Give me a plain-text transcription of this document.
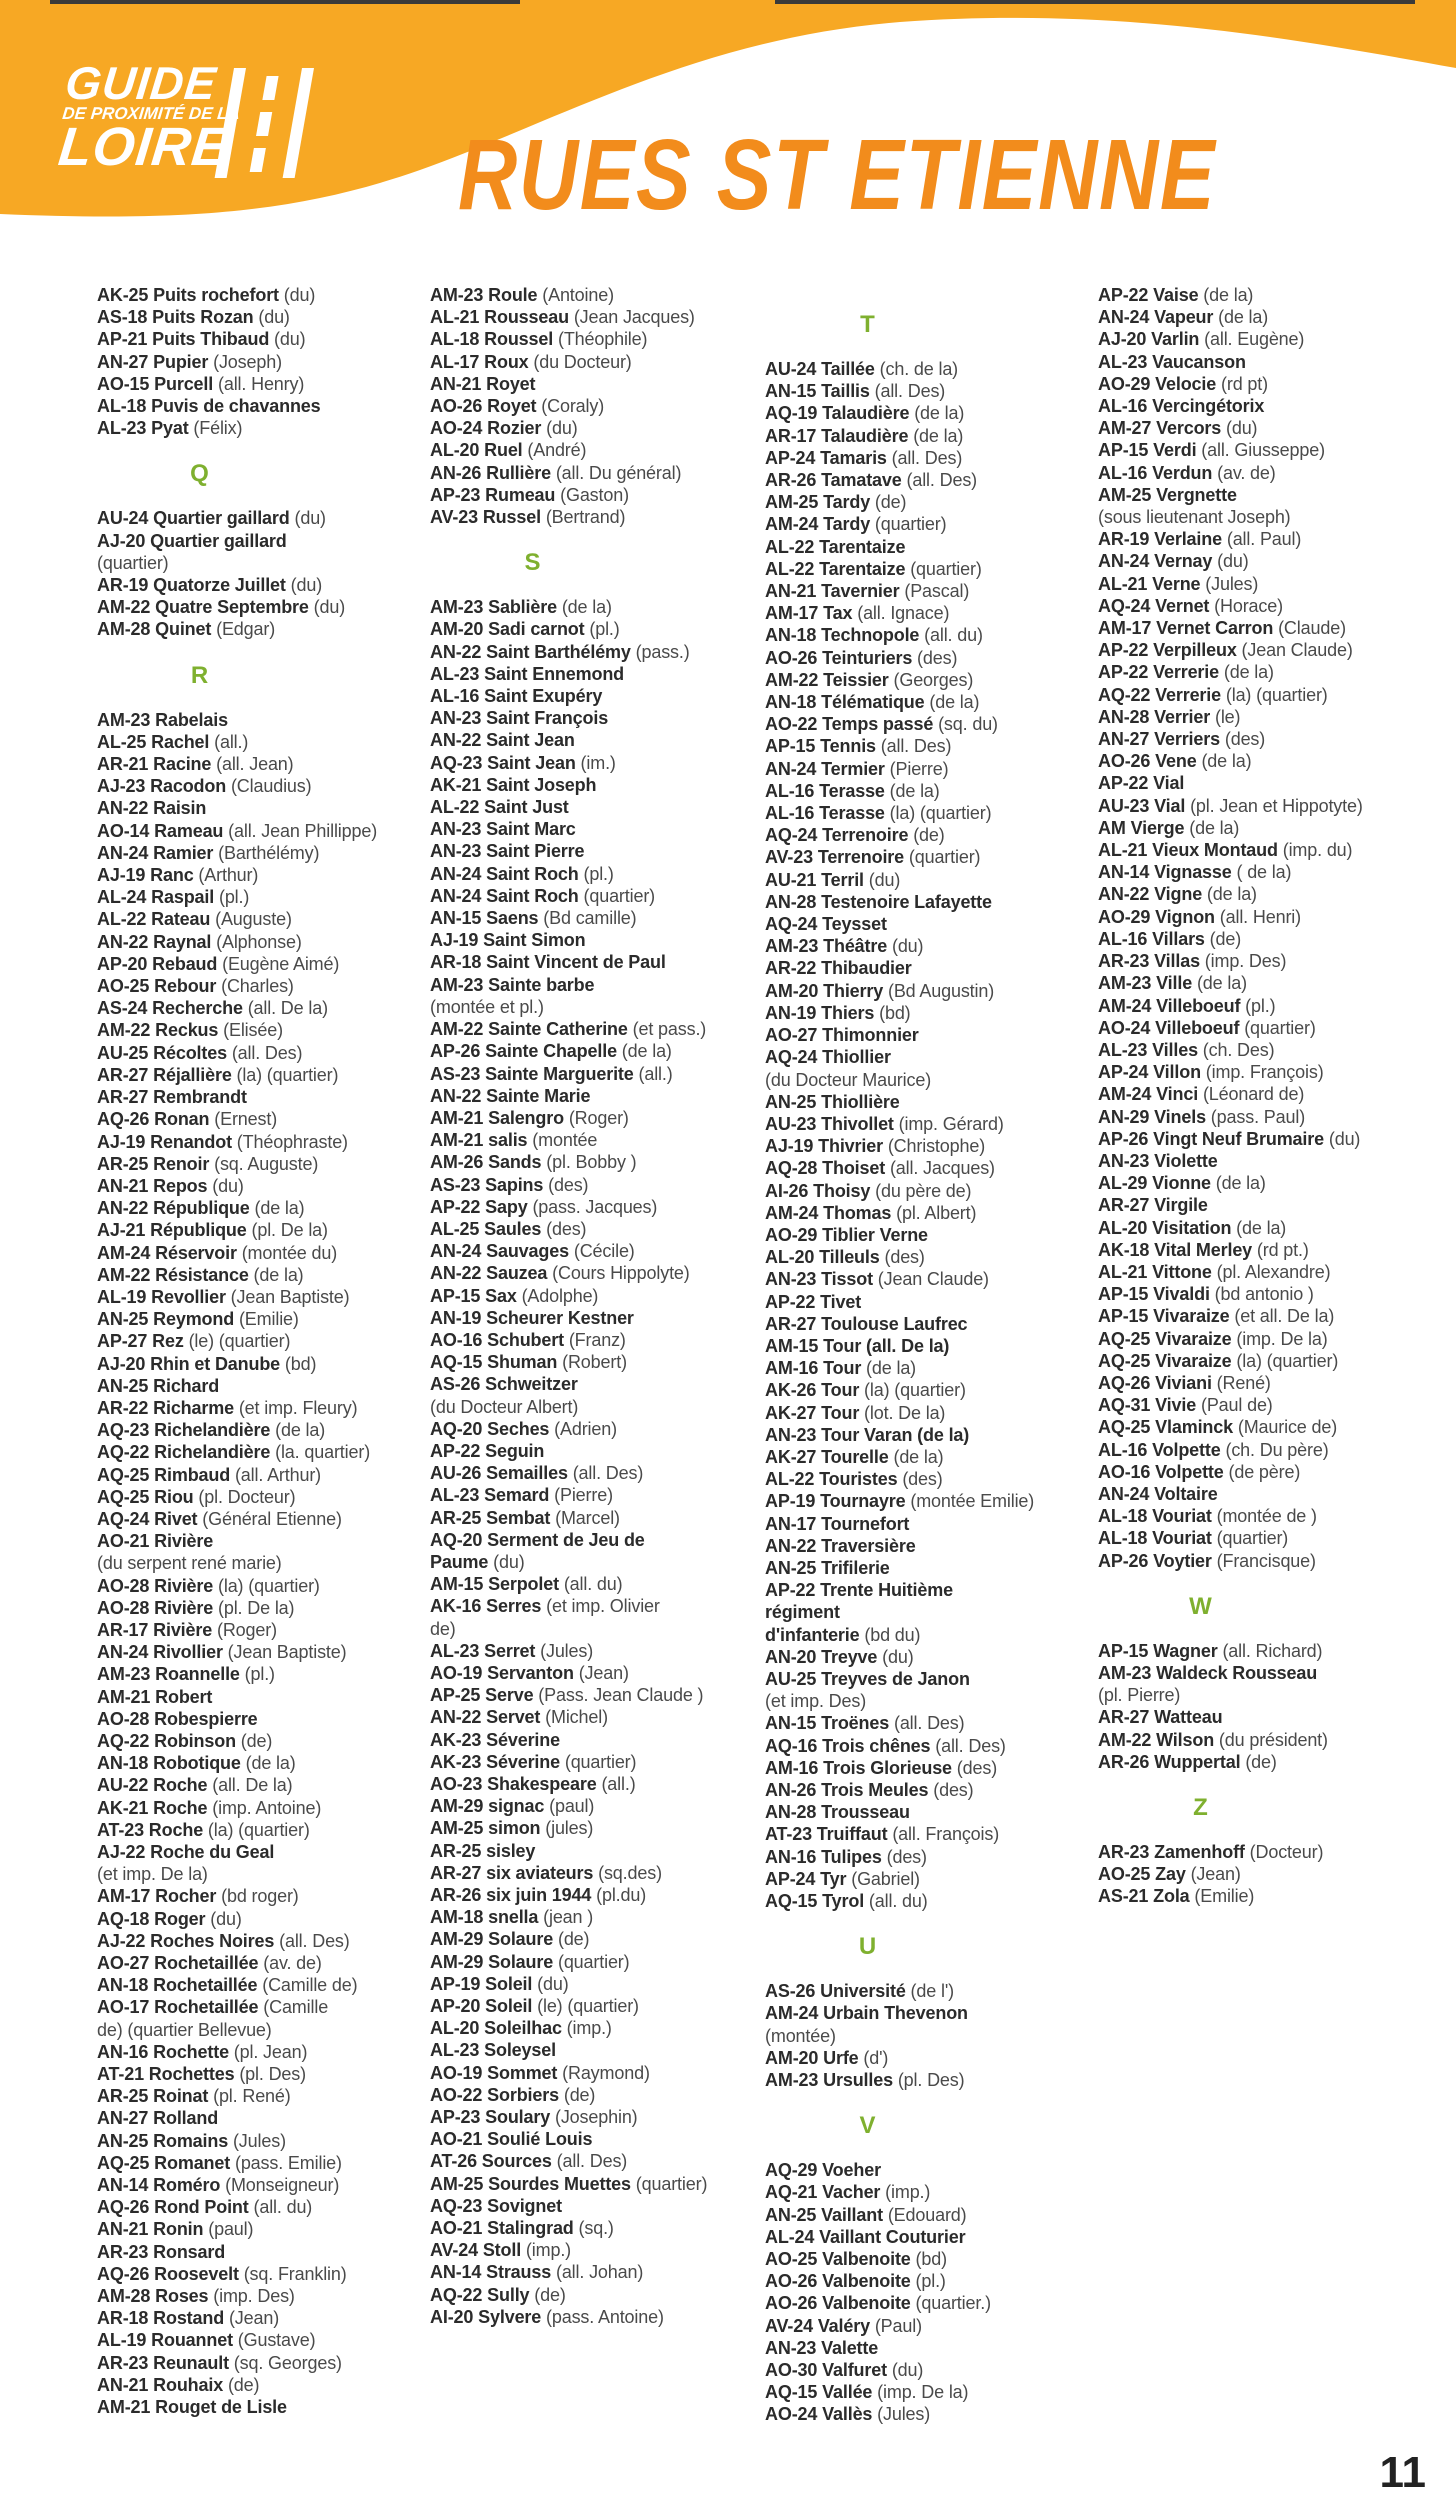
GUIDE
DE PROXIMITÉ DE LA
LOIRE RUES ST ETIENNE
AK-25 Puits rochefort (du)
AS-18 Puits Rozan (du)
AP-21 Puits Thibaud (du)
AN-27 Pupier (Joseph)
AO-15 Purcell (all. Henry)
AL-18 Puvis de chavannes
AL-23 Pyat (Félix)
Q
AU-24 Quartier gaillard (du)
AJ-20 Quartier gaillard
(quartier)
AR-19 Quatorze Juillet (du)
AM-22 Quatre Septembre (du)
AM-28 Quinet (Edgar)
R
AM-23 Rabelais
AL-25 Rachel (all.)
AR-21 Racine (all. Jean)
AJ-23 Racodon (Claudius)
AN-22 Raisin
AO-14 Rameau (all. Jean Phillippe)
AN-24 Ramier (Barthélémy)
AJ-19 Ranc (Arthur)
AL-24 Raspail (pl.)
AL-22 Rateau (Auguste)
AN-22 Raynal (Alphonse)
AP-20 Rebaud (Eugène Aimé)
AO-25 Rebour (Charles)
AS-24 Recherche (all. De la)
AM-22 Reckus (Elisée)
AU-25 Récoltes (all. Des)
AR-27 Réjallière (la) (quartier)
AR-27 Rembrandt
AQ-26 Ronan (Ernest)
AJ-19 Renandot (Théophraste)
AR-25 Renoir (sq. Auguste)
AN-21 Repos (du)
AN-22 République (de la)
AJ-21 République (pl. De la)
AM-24 Réservoir (montée du)
AM-22 Résistance (de la)
AL-19 Revollier (Jean Baptiste)
AN-25 Reymond (Emilie)
AP-27 Rez (le) (quartier)
AJ-20 Rhin et Danube (bd)
AN-25 Richard
AR-22 Richarme (et imp. Fleury)
AQ-23 Richelandière (de la)
AQ-22 Richelandière (la. quartier)
AQ-25 Rimbaud (all. Arthur)
AQ-25 Riou (pl. Docteur)
AQ-24 Rivet (Général Etienne)
AO-21 Rivière
(du serpent rené marie)
AO-28 Rivière (la) (quartier)
AO-28 Rivière (pl. De la)
AR-17 Rivière (Roger)
AN-24 Rivollier (Jean Baptiste)
AM-23 Roannelle (pl.)
AM-21 Robert
AO-28 Robespierre
AQ-22 Robinson (de)
AN-18 Robotique (de la)
AU-22 Roche (all. De la)
AK-21 Roche (imp. Antoine)
AT-23 Roche (la) (quartier)
AJ-22 Roche du Geal
(et imp. De la)
AM-17 Rocher (bd roger)
AQ-18 Roger (du)
AJ-22 Roches Noires (all. Des)
AO-27 Rochetaillée (av. de)
AN-18 Rochetaillée (Camille de)
AO-17 Rochetaillée (Camille
de) (quartier Bellevue)
AN-16 Rochette (pl. Jean)
AT-21 Rochettes (pl. Des)
AR-25 Roinat (pl. René)
AN-27 Rolland
AN-25 Romains (Jules)
AQ-25 Romanet (pass. Emilie)
AN-14 Roméro (Monseigneur)
AQ-26 Rond Point (all. du)
AN-21 Ronin (paul)
AR-23 Ronsard
AQ-26 Roosevelt (sq. Franklin)
AM-28 Roses (imp. Des)
AR-18 Rostand (Jean)
AL-19 Rouannet (Gustave)
AR-23 Reunault (sq. Georges)
AN-21 Rouhaix (de)
AM-21 Rouget de Lisle
AM-23 Roule (Antoine)
AL-21 Rousseau (Jean Jacques)
AL-18 Roussel (Théophile)
AL-17 Roux (du Docteur)
AN-21 Royet
AO-26 Royet (Coraly)
AO-24 Rozier (du)
AL-20 Ruel (André)
AN-26 Rullière (all. Du général)
AP-23 Rumeau (Gaston)
AV-23 Russel (Bertrand)
S
AM-23 Sablière (de la)
AM-20 Sadi carnot (pl.)
AN-22 Saint Barthélémy (pass.)
AL-23 Saint Ennemond
AL-16 Saint Exupéry
AN-23 Saint François
AN-22 Saint Jean
AQ-23 Saint Jean (im.)
AK-21 Saint Joseph
AL-22 Saint Just
AN-23 Saint Marc
AN-23 Saint Pierre
AN-24 Saint Roch (pl.)
AN-24 Saint Roch (quartier)
AN-15 Saens (Bd camille)
AJ-19 Saint Simon
AR-18 Saint Vincent de Paul
AM-23 Sainte barbe
(montée et pl.)
AM-22 Sainte Catherine (et pass.)
AP-26 Sainte Chapelle (de la)
AS-23 Sainte Marguerite (all.)
AN-22 Sainte Marie
AM-21 Salengro (Roger)
AM-21 salis (montée
AM-26 Sands (pl. Bobby )
AS-23 Sapins (des)
AP-22 Sapy (pass. Jacques)
AL-25 Saules (des)
AN-24 Sauvages (Cécile)
AN-22 Sauzea (Cours Hippolyte)
AP-15 Sax (Adolphe)
AN-19 Scheurer Kestner
AO-16 Schubert (Franz)
AQ-15 Shuman (Robert)
AS-26 Schweitzer
(du Docteur Albert)
AQ-20 Seches (Adrien)
AP-22 Seguin
AU-26 Semailles (all. Des)
AL-23 Semard (Pierre)
AR-25 Sembat (Marcel)
AQ-20 Serment de Jeu de
Paume (du)
AM-15 Serpolet (all. du)
AK-16 Serres (et imp. Olivier
de)
AL-23 Serret (Jules)
AO-19 Servanton (Jean)
AP-25 Serve (Pass. Jean Claude )
AN-22 Servet (Michel)
AK-23 Séverine
AK-23 Séverine (quartier)
AO-23 Shakespeare (all.)
AM-29 signac (paul)
AM-25 simon (jules)
AR-25 sisley
AR-27 six aviateurs (sq.des)
AR-26 six juin 1944 (pl.du)
AM-18 snella (jean )
AM-29 Solaure (de)
AM-29 Solaure (quartier)
AP-19 Soleil (du)
AP-20 Soleil (le) (quartier)
AL-20 Soleilhac (imp.)
AL-23 Soleysel
AO-19 Sommet (Raymond)
AO-22 Sorbiers (de)
AP-23 Soulary (Josephin)
AO-21 Soulié Louis
AT-26 Sources (all. Des)
AM-25 Sourdes Muettes (quartier)
AQ-23 Sovignet
AO-21 Stalingrad (sq.)
AV-24 Stoll (imp.)
AN-14 Strauss (all. Johan)
AQ-22 Sully (de)
AI-20 Sylvere (pass. Antoine)
T
AU-24 Taillée (ch. de la)
AN-15 Taillis (all. Des)
AQ-19 Talaudière (de la)
AR-17 Talaudière (de la)
AP-24 Tamaris (all. Des)
AR-26 Tamatave (all. Des)
AM-25 Tardy (de)
AM-24 Tardy (quartier)
AL-22 Tarentaize
AL-22 Tarentaize (quartier)
AN-21 Tavernier (Pascal)
AM-17 Tax (all. Ignace)
AN-18 Technopole (all. du)
AO-26 Teinturiers (des)
AM-22 Teissier (Georges)
AN-18 Télématique (de la)
AO-22 Temps passé (sq. du)
AP-15 Tennis (all. Des)
AN-24 Termier (Pierre)
AL-16 Terasse (de la)
AL-16 Terasse (la) (quartier)
AQ-24 Terrenoire (de)
AV-23 Terrenoire (quartier)
AU-21 Terril (du)
AN-28 Testenoire Lafayette
AQ-24 Teysset
AM-23 Théâtre (du)
AR-22 Thibaudier
AM-20 Thierry (Bd Augustin)
AN-19 Thiers (bd)
AO-27 Thimonnier
AQ-24 Thiollier
(du Docteur Maurice)
AN-25 Thiollière
AU-23 Thivollet (imp. Gérard)
AJ-19 Thivrier (Christophe)
AQ-28 Thoiset (all. Jacques)
AI-26 Thoisy (du père de)
AM-24 Thomas (pl. Albert)
AO-29 Tiblier Verne
AL-20 Tilleuls (des)
AN-23 Tissot (Jean Claude)
AP-22 Tivet
AR-27 Toulouse Laufrec
AM-15 Tour (all. De la)
AM-16 Tour (de la)
AK-26 Tour (la) (quartier)
AK-27 Tour (lot. De la)
AN-23 Tour Varan (de la)
AK-27 Tourelle (de la)
AL-22 Touristes (des)
AP-19 Tournayre (montée Emilie)
AN-17 Tournefort
AN-22 Traversière
AN-25 Trifilerie
AP-22 Trente Huitième
régiment
d'infanterie (bd du)
AN-20 Treyve (du)
AU-25 Treyves de Janon
(et imp. Des)
AN-15 Troënes (all. Des)
AQ-16 Trois chênes (all. Des)
AM-16 Trois Glorieuse (des)
AN-26 Trois Meules (des)
AN-28 Trousseau
AT-23 Truiffaut (all. François)
AN-16 Tulipes (des)
AP-24 Tyr (Gabriel)
AQ-15 Tyrol (all. du)
U
AS-26 Université (de l')
AM-24 Urbain Thevenon
(montée)
AM-20 Urfe (d')
AM-23 Ursulles (pl. Des)
V
AQ-29 Voeher
AQ-21 Vacher (imp.)
AN-25 Vaillant (Edouard)
AL-24 Vaillant Couturier
AO-25 Valbenoite (bd)
AO-26 Valbenoite (pl.)
AO-26 Valbenoite (quartier.)
AV-24 Valéry (Paul)
AN-23 Valette
AO-30 Valfuret (du)
AQ-15 Vallée (imp. De la)
AO-24 Vallès (Jules)
AP-22 Vaise (de la)
AN-24 Vapeur (de la)
AJ-20 Varlin (all. Eugène)
AL-23 Vaucanson
AO-29 Velocie (rd pt)
AL-16 Vercingétorix
AM-27 Vercors (du)
AP-15 Verdi (all. Giusseppe)
AL-16 Verdun (av. de)
AM-25 Vergnette
(sous lieutenant Joseph)
AR-19 Verlaine (all. Paul)
AN-24 Vernay (du)
AL-21 Verne (Jules)
AQ-24 Vernet (Horace)
AM-17 Vernet Carron (Claude)
AP-22 Verpilleux (Jean Claude)
AP-22 Verrerie (de la)
AQ-22 Verrerie (la) (quartier)
AN-28 Verrier (le)
AN-27 Verriers (des)
AO-26 Vene (de la)
AP-22 Vial
AU-23 Vial (pl. Jean et Hippotyte)
AM Vierge (de la)
AL-21 Vieux Montaud (imp. du)
AN-14 Vignasse ( de la)
AN-22 Vigne (de la)
AO-29 Vignon (all. Henri)
AL-16 Villars (de)
AR-23 Villas (imp. Des)
AM-23 Ville (de la)
AM-24 Villeboeuf (pl.)
AO-24 Villeboeuf (quartier)
AL-23 Villes (ch. Des)
AP-24 Villon (imp. François)
AM-24 Vinci (Léonard de)
AN-29 Vinels (pass. Paul)
AP-26 Vingt Neuf Brumaire (du)
AN-23 Violette
AL-29 Vionne (de la)
AR-27 Virgile
AL-20 Visitation (de la)
AK-18 Vital Merley (rd pt.)
AL-21 Vittone (pl. Alexandre)
AP-15 Vivaldi (bd antonio )
AP-15 Vivaraize (et all. De la)
AQ-25 Vivaraize (imp. De la)
AQ-25 Vivaraize (la) (quartier)
AQ-26 Viviani (René)
AQ-31 Vivie (Paul de)
AQ-25 Vlaminck (Maurice de)
AL-16 Volpette (ch. Du père)
AO-16 Volpette (de père)
AN-24 Voltaire
AL-18 Vouriat (montée de )
AL-18 Vouriat (quartier)
AP-26 Voytier (Francisque)
W
AP-15 Wagner (all. Richard)
AM-23 Waldeck Rousseau
(pl. Pierre)
AR-27 Watteau
AM-22 Wilson (du président)
AR-26 Wuppertal (de)
Z
AR-23 Zamenhoff (Docteur)
AO-25 Zay (Jean)
AS-21 Zola (Emilie)
11
